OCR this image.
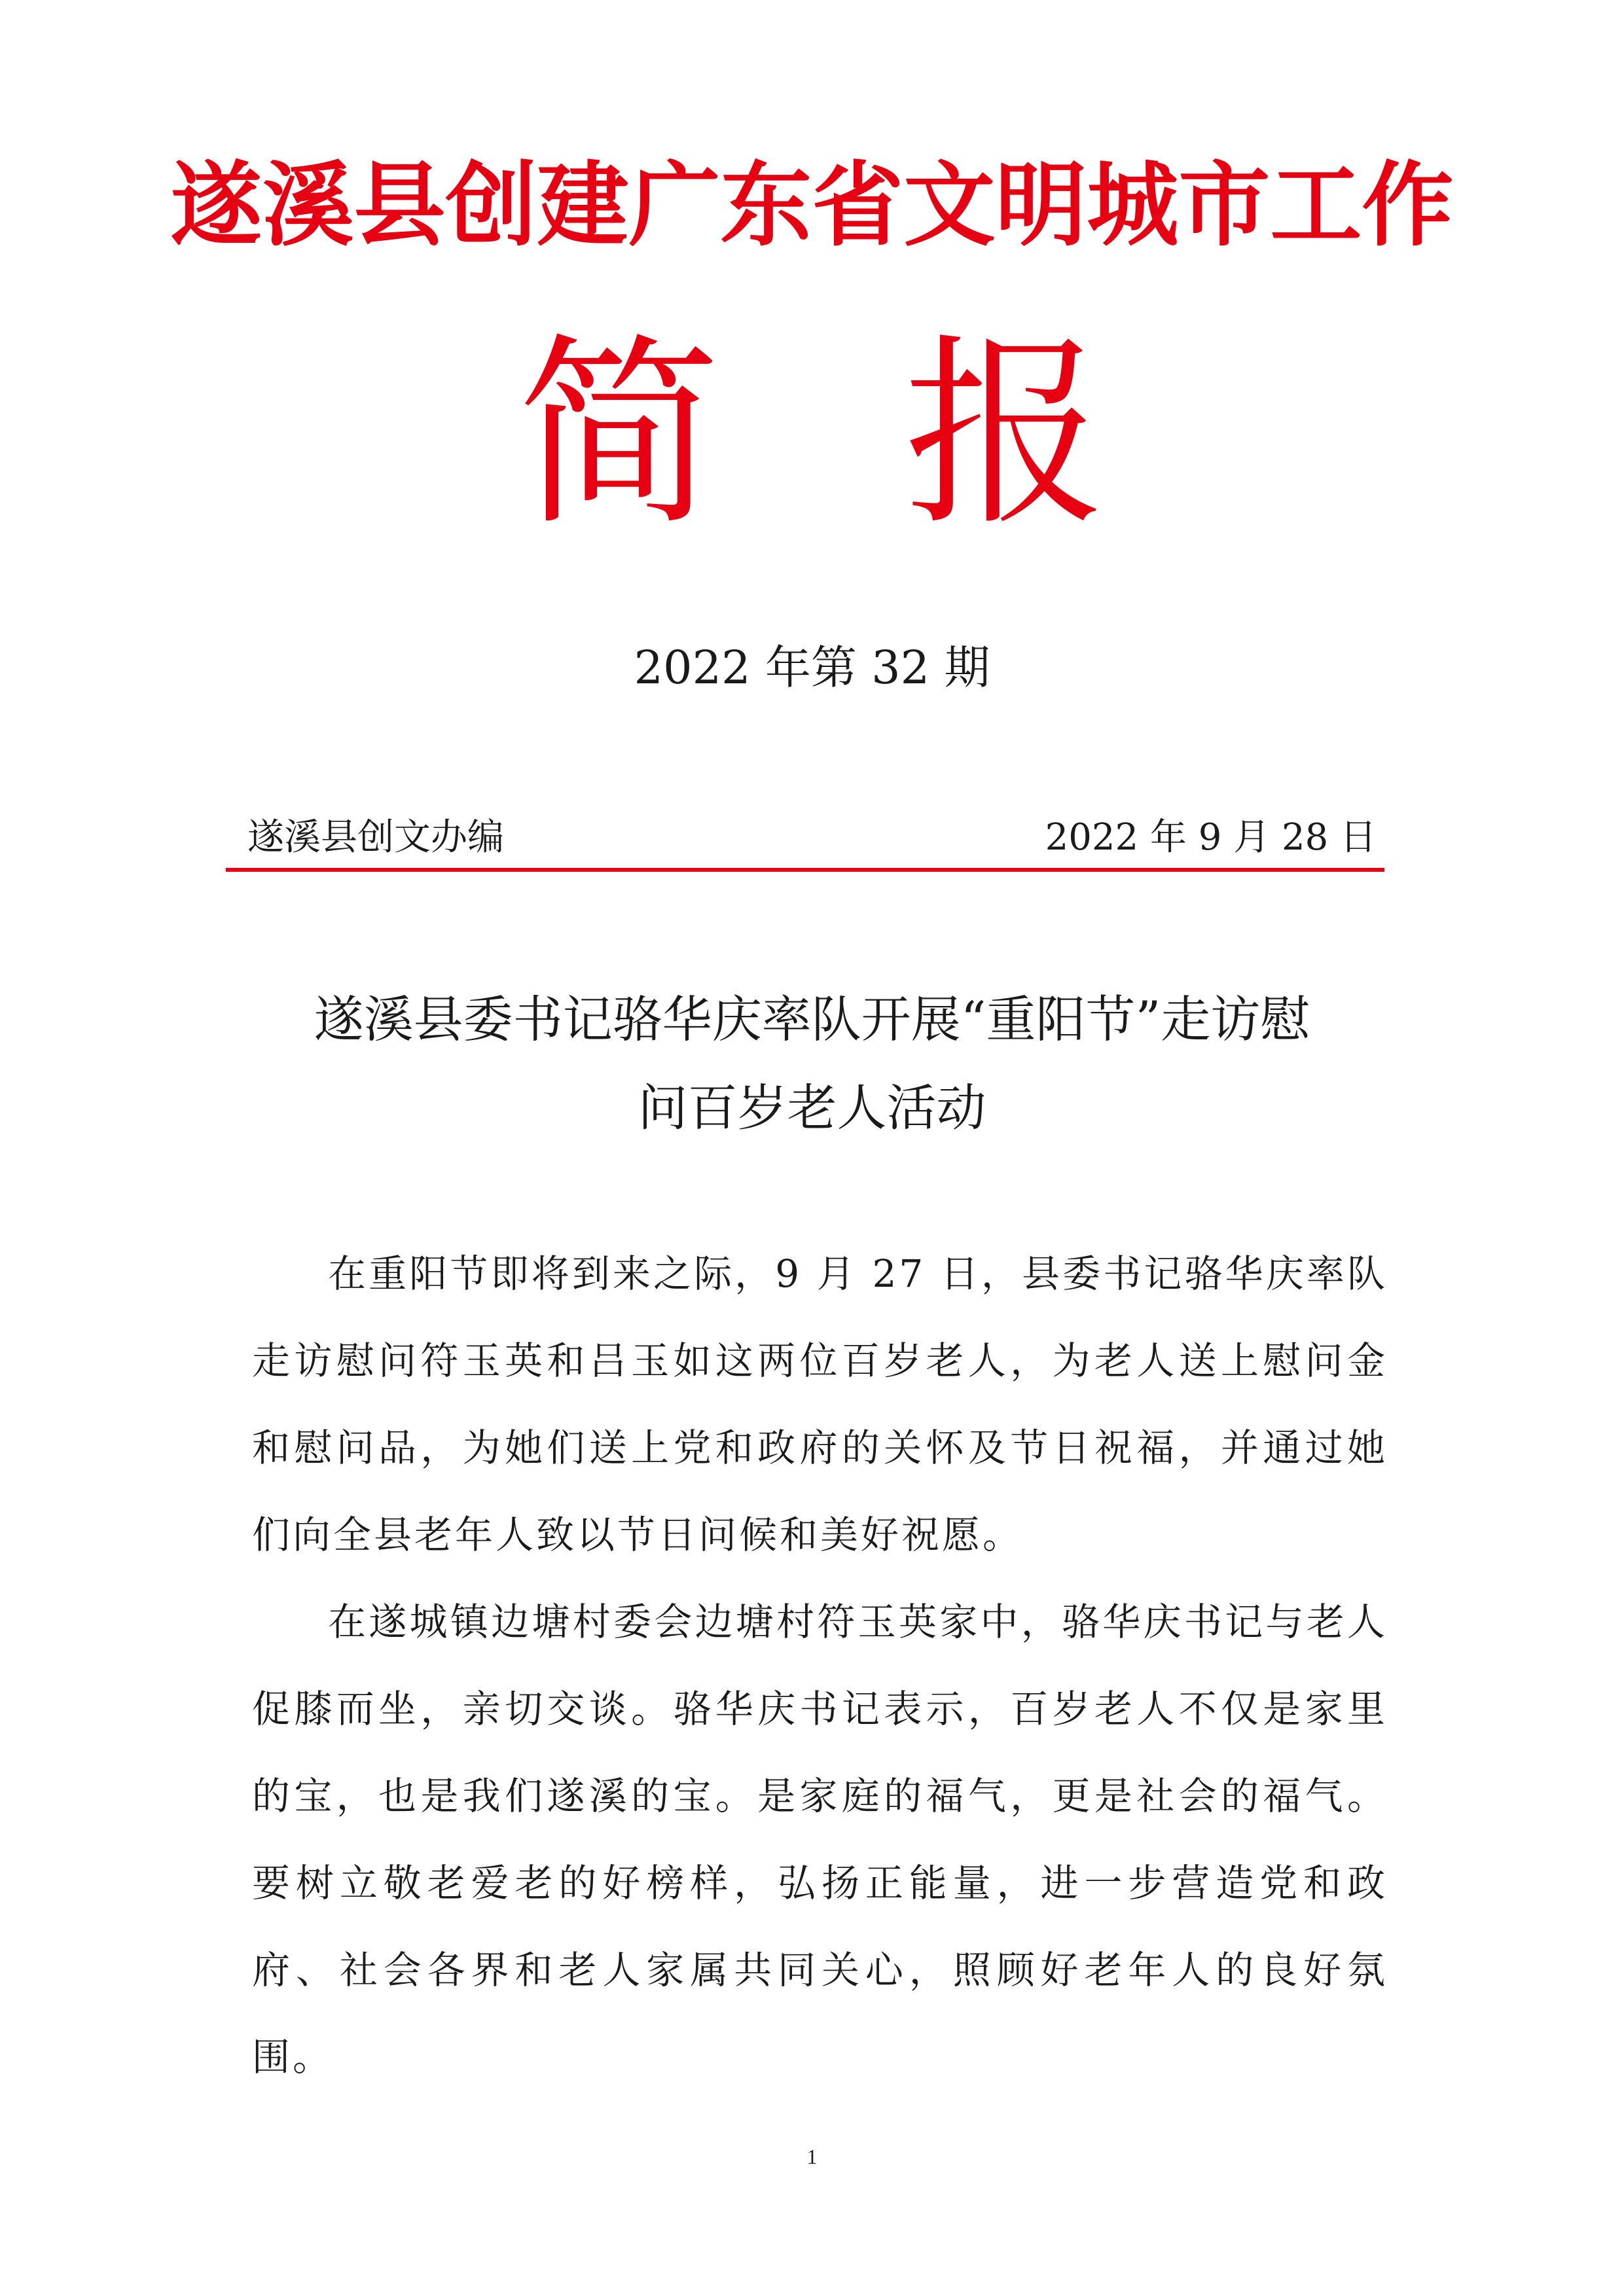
遂溪县创建广东省文明城市工作
简报
2022 年第 32 期
遂溪县创文办编	2022 年 9 月 28 日
遂溪县委书记骆华庆率队开展“重阳节”走访慰
问百岁老人活动

在重阳节即将到来之际，9 月 27 日，县委书记骆华庆率队走访慰问符玉英和吕玉如这两位百岁老人，为老人送上慰问金和慰问品，为她们送上党和政府的关怀及节日祝福，并通过她们向全县老年人致以节日问候和美好祝愿。

在遂城镇边塘村委会边塘村符玉英家中，骆华庆书记与老人促膝而坐，亲切交谈。骆华庆书记表示，百岁老人不仅是家里的宝，也是我们遂溪的宝。是家庭的福气，更是社会的福气。要树立敬老爱老的好榜样，弘扬正能量，进一步营造党和政府、社会各界和老人家属共同关心，照顾好老年人的良好氛围。

1
